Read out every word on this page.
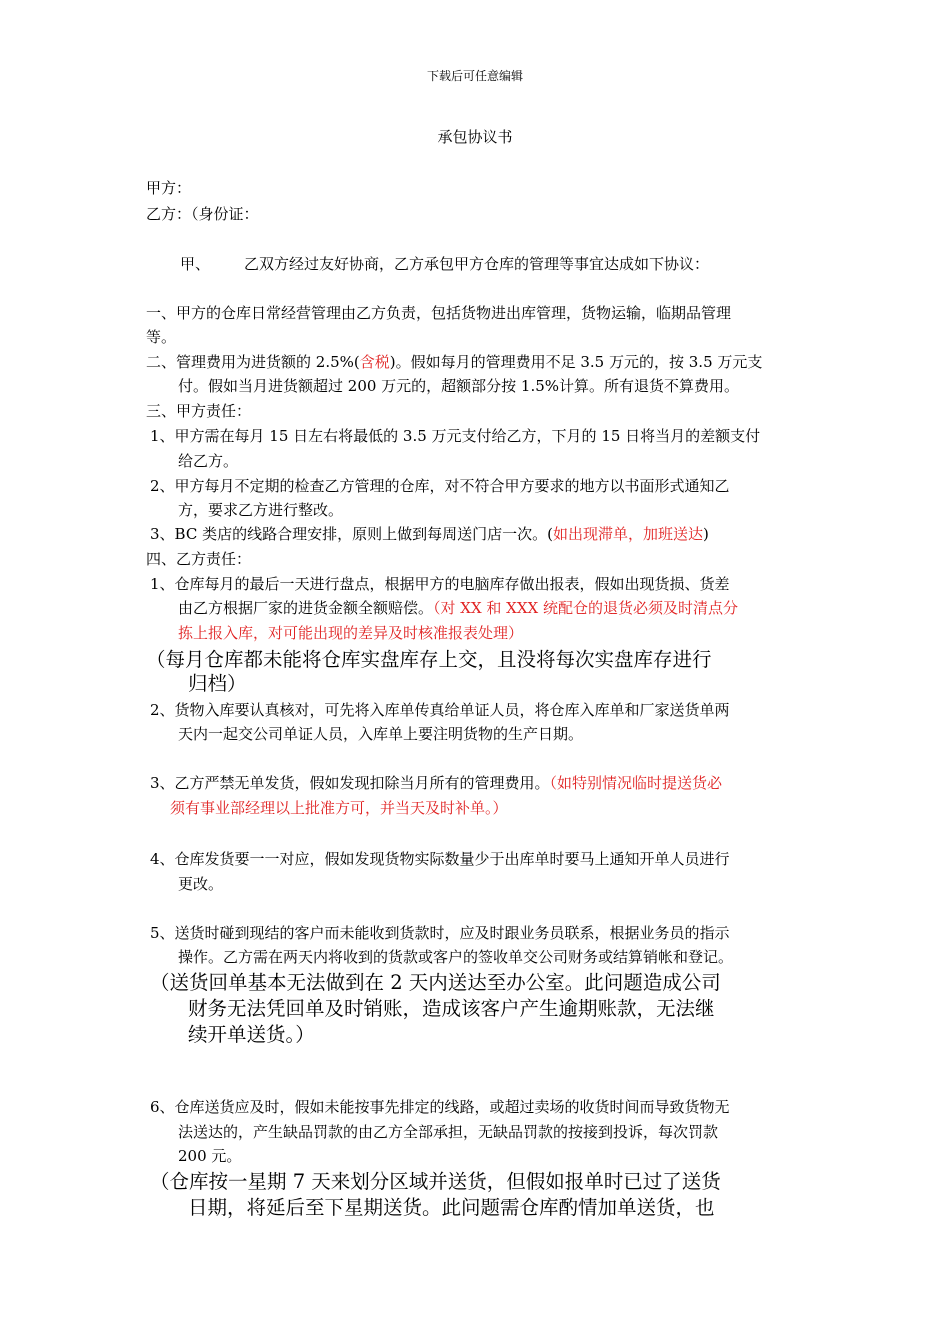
下载后可任意编辑
承包协议书
甲方：
乙方：（身份证：
甲、 乙双方经过友好协商，乙方承包甲方仓库的管理等事宜达成如下协议：
一、甲方的仓库日常经营管理由乙方负责，包括货物进出库管理，货物运输，临期品管理
等。
二、管理费用为进货额的 2.5%(含税)。假如每月的管理费用不足 3.5 万元的，按 3.5 万元支
付。假如当月进货额超过 200 万元的，超额部分按 1.5%计算。所有退货不算费用。
三、甲方责任：
1、甲方需在每月 15 日左右将最低的 3.5 万元支付给乙方，下月的 15 日将当月的差额支付
给乙方。
2、甲方每月不定期的检查乙方管理的仓库，对不符合甲方要求的地方以书面形式通知乙
方，要求乙方进行整改。
3、BC 类店的线路合理安排，原则上做到每周送门店一次。(如出现滞单，加班送达)
四、乙方责任：
1、仓库每月的最后一天进行盘点，根据甲方的电脑库存做出报表，假如出现货损、货差
由乙方根据厂家的进货金额全额赔偿。（对 XX 和 XXX 统配仓的退货必须及时清点分
拣上报入库，对可能出现的差异及时核准报表处理）
（每月仓库都未能将仓库实盘库存上交，且没将每次实盘库存进行
归档）
2、货物入库要认真核对，可先将入库单传真给单证人员，将仓库入库单和厂家送货单两
天内一起交公司单证人员，入库单上要注明货物的生产日期。
3、乙方严禁无单发货，假如发现扣除当月所有的管理费用。（如特别情况临时提送货必
须有事业部经理以上批准方可，并当天及时补单。）
4、仓库发货要一一对应，假如发现货物实际数量少于出库单时要马上通知开单人员进行
更改。
5、送货时碰到现结的客户而未能收到货款时，应及时跟业务员联系，根据业务员的指示
操作。乙方需在两天内将收到的货款或客户的签收单交公司财务或结算销帐和登记。
（送货回单基本无法做到在 2 天内送达至办公室。此问题造成公司
财务无法凭回单及时销账，造成该客户产生逾期账款，无法继
续开单送货。）
6、仓库送货应及时，假如未能按事先排定的线路，或超过卖场的收货时间而导致货物无
法送达的，产生缺品罚款的由乙方全部承担，无缺品罚款的按接到投诉，每次罚款
200 元。
（仓库按一星期 7 天来划分区域并送货，但假如报单时已过了送货
日期，将延后至下星期送货。此问题需仓库酌情加单送货，也
